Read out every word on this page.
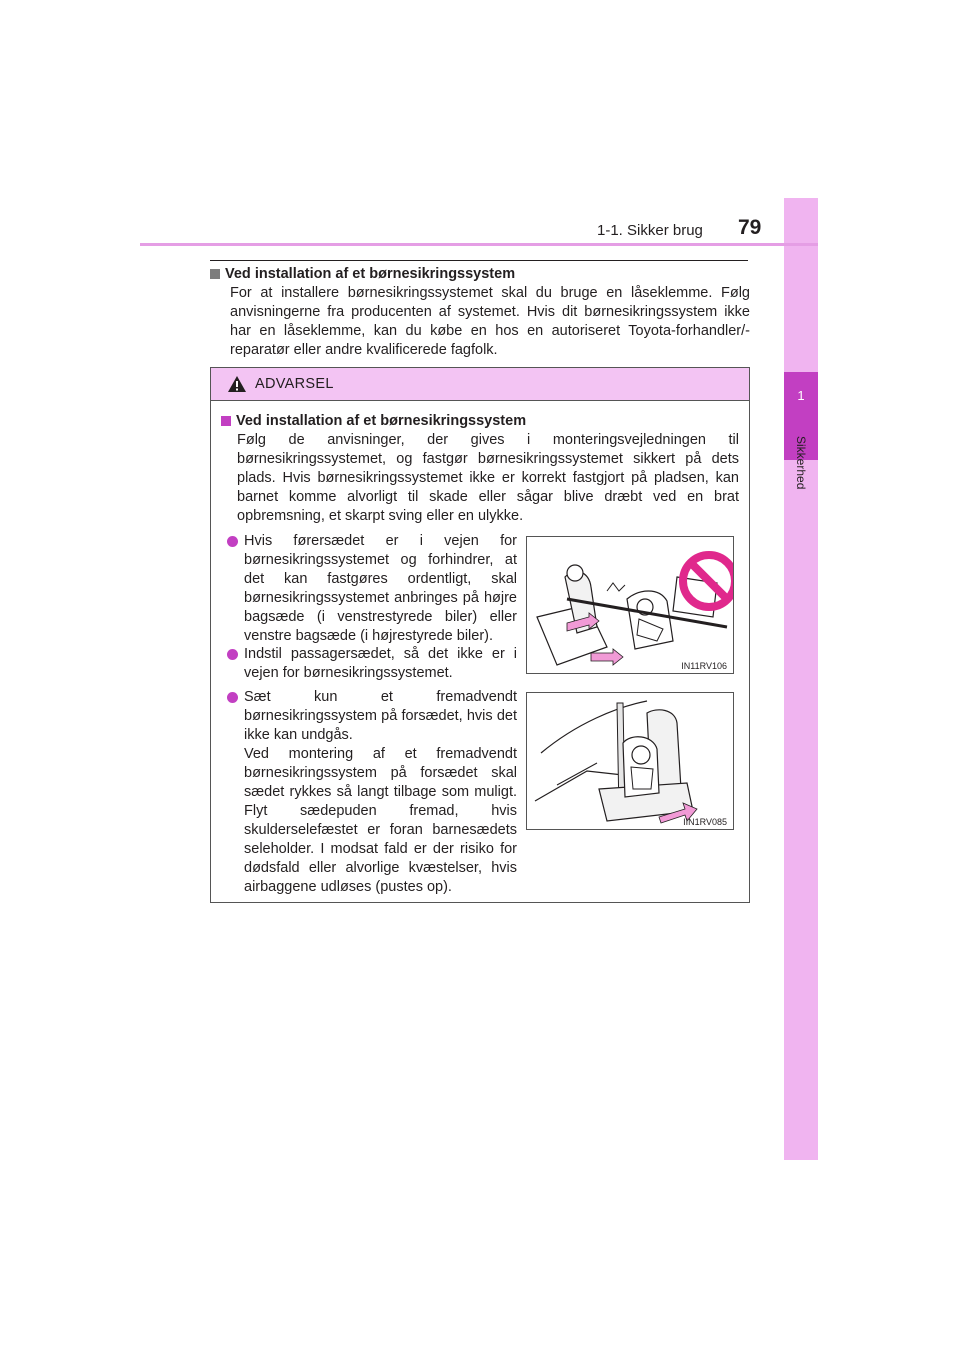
1
Sikkerhed
1-1. Sikker brug 79
Ved installation af et børnesikringssystem
For at installere børnesikringssystemet skal du bruge en låseklemme. Følg anvisningerne fra producenten af systemet. Hvis dit børnesikringssystem ikke har en låseklemme, kan du købe en hos en autoriseret Toyota-forhandler/-reparatør eller andre kvalificerede fagfolk.
ADVARSEL
Ved installation af et børnesikringssystem
Følg de anvisninger, der gives i monteringsvejledningen til børnesikringssystemet, og fastgør børnesikringssystemet sikkert på dets plads. Hvis børnesikringssystemet ikke er korrekt fastgjort på pladsen, kan barnet komme alvorligt til skade eller sågar blive dræbt ved en brat opbremsning, et skarpt sving eller en ulykke.
Hvis førersædet er i vejen for børnesikringssystemet og forhindrer, at det kan fastgøres ordentligt, skal børnesikringssystemet anbringes på højre bagsæde (i venstrestyrede biler) eller venstre bagsæde (i højrestyrede biler).
Indstil passagersædet, så det ikke er i vejen for børnesikringssystemet.
Sæt kun et fremadvendt børnesikringssystem på forsædet, hvis det ikke kan undgås.
Ved montering af et fremadvendt børnesikringssystem på forsædet skal sædet rykkes så langt tilbage som muligt. Flyt sædepuden fremad, hvis skulderselefæstet er foran barnesædets seleholder. I modsat fald er der risiko for dødsfald eller alvorlige kvæstelser, hvis airbaggene udløses (pustes op).
IN11RV106
IIN1RV085
